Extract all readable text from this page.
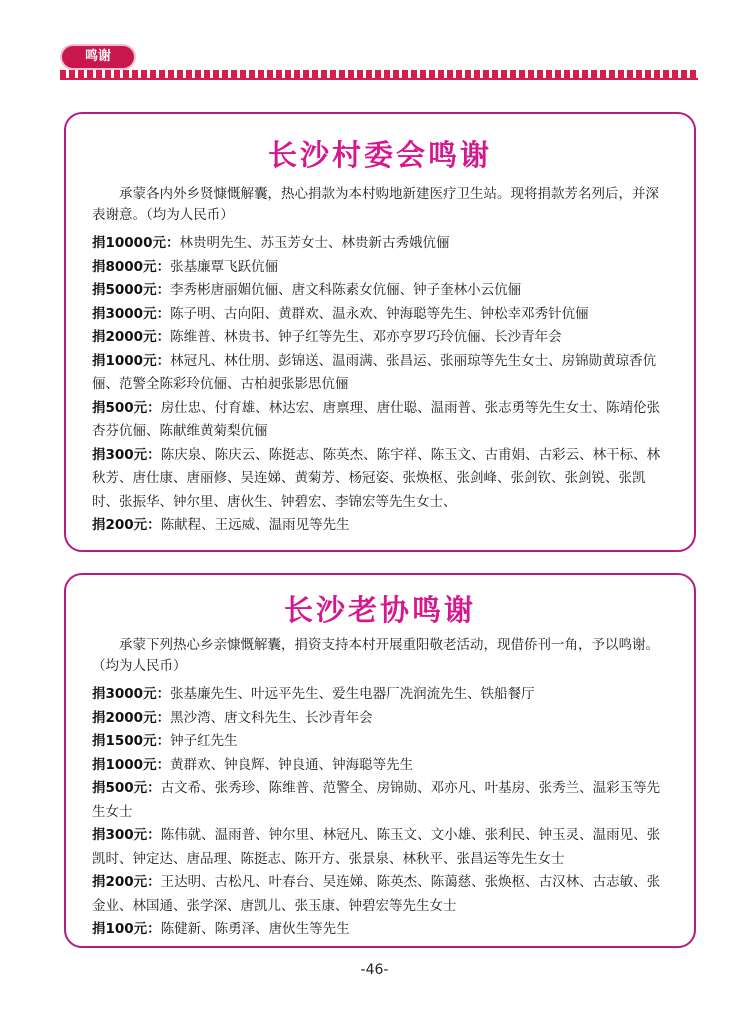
鸣谢
长沙村委会鸣谢

承蒙各内外乡贤慷慨解囊，热心捐款为本村购地新建医疗卫生站。现将捐款芳名列后，并深表谢意。（均为人民币）

捐10000元：林贵明先生、苏玉芳女士、林贵新古秀娥伉俪

捐8000元：张基廉覃飞跃伉俪

捐5000元：李秀彬唐丽媚伉俪、唐文科陈素女伉俪、钟子奎林小云伉俪

捐3000元：陈子明、古向阳、黄群欢、温永欢、钟海聪等先生、钟松幸邓秀针伉俪

捐2000元：陈维普、林贵书、钟子红等先生、邓亦亨罗巧玲伉俪、长沙青年会

捐1000元：林冠凡、林仕朋、彭锦送、温雨满、张昌运、张丽琼等先生女士、房锦勋黄琼香伉俪、范警全陈彩玲伉俪、古柏昶张影思伉俪

捐500元：房仕忠、付育雄、林达宏、唐禀理、唐仕聪、温雨普、张志勇等先生女士、陈靖伦张杏芬伉俪、陈献维黄菊梨伉俪

捐300元：陈庆泉、陈庆云、陈挺志、陈英杰、陈宇祥、陈玉文、古甫娟、古彩云、林干标、林秋芳、唐仕康、唐丽修、吴连娣、黄菊芳、杨冠姿、张焕枢、张剑峰、张剑钦、张剑锐、张凯时、张振华、钟尔里、唐伙生、钟碧宏、李锦宏等先生女士、

捐200元：陈献程、王远威、温雨见等先生

长沙老协鸣谢

承蒙下列热心乡亲慷慨解囊，捐资支持本村开展重阳敬老活动，现借侨刊一角，予以鸣谢。（均为人民币）

捐3000元：张基廉先生、叶远平先生、爱生电器厂冼润流先生、铁船餐厅

捐2000元：黑沙湾、唐文科先生、长沙青年会

捐1500元：钟子红先生

捐1000元：黄群欢、钟良辉、钟良通、钟海聪等先生

捐500元：古文希、张秀珍、陈维普、范警全、房锦勋、邓亦凡、叶基房、张秀兰、温彩玉等先生女士

捐300元：陈伟就、温雨普、钟尔里、林冠凡、陈玉文、文小雄、张利民、钟玉灵、温雨见、张凯时、钟定达、唐品理、陈挺志、陈开方、张景泉、林秋平、张昌运等先生女士

捐200元：王达明、古松凡、叶春台、吴连娣、陈英杰、陈蔼慈、张焕枢、古汉林、古志敏、张金业、林国通、张学深、唐凯儿、张玉康、钟碧宏等先生女士

捐100元：陈健新、陈勇泽、唐伙生等先生

-46-
